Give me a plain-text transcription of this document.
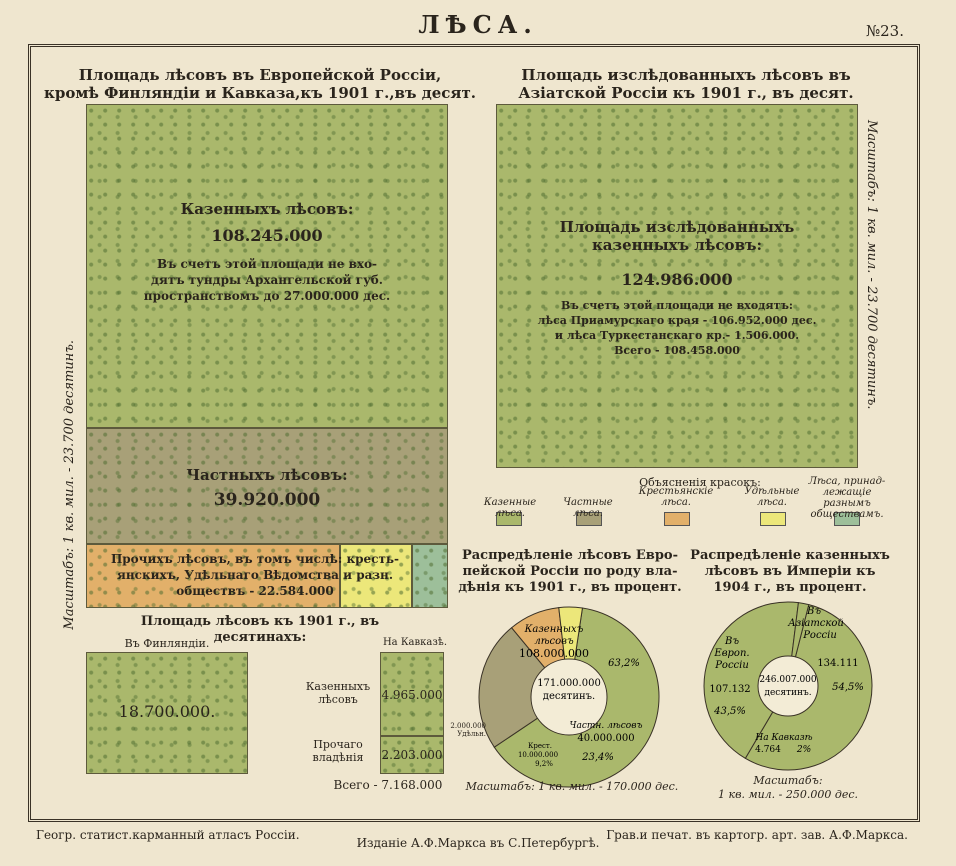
ЛѢСА.	№23.
Площадь лѣсовъ въ Европейской Россіи,
кромѣ Финляндіи и Кавказа,къ 1901 г.,въ десят.
Казенныхъ лѣсовъ:
108.245.000
Въ счетъ этой площади не вхо-
дятъ тундры Архангельской губ.
пространствомъ до 27.000.000 дес.
Частныхъ лѣсовъ:
39.920.000
Прочихъ лѣсовъ, въ томъ числѣ: кресть-
янскихъ, Удѣльнаго Вѣдомства и разн.
обществъ - 22.584.000
Масштабъ: 1 кв. мил. - 23.700 десятинъ.	Площадь лѣсовъ къ 1901 г., въ
десятинахъ:
Въ Финляндіи.
18.700.000.
На Кавказѣ.
Казенныхъ
лѣсовъ	4.965.000
Прочаго
владѣнія	2.203.000
Всего - 7.168.000
Площадь изслѣдованныхъ лѣсовъ въ
Азіатской Россіи къ 1901 г., въ десят.
Площадь изслѣдованныхъ
казенныхъ лѣсовъ:
124.986.000
Въ счетъ этой площади не входятъ:
лѣса Приамурскаго края - 106.952.000 дес.
и лѣса Туркестанскаго кр.- 1.506.000.
Всего - 108.458.000	Масштабъ: 1 кв. мил. - 23.700 десятинъ.
Объясненія красокъ:
Казенные лѣса.
Частные лѣса.
Крестьянскіе
лѣса.
Удѣльные
лѣса.
Лѣса, принад-
лежащіе разнымъ
обществамъ.
Распредѣленіе лѣсовъ Евро-
пейской Россіи по роду вла-
дѣнія къ 1901 г., въ процент.
Распредѣленіе казенныхъ
лѣсовъ въ Имперіи къ
1904 г., въ процент.
171.000.000
десятинъ.
Казенныхъ
лѣсовъ
108.000.000
63,2%
Частн. лѣсовъ
40.000.000
23,4%
Крест.
10.000.000
9,2%
2.000.000
Удѣльн.
Масштабъ: 1 кв. мил. - 170.000 дес.
246.007.000
десятинъ.
Въ
Азіатской
Россіи
134.111
54,5%
Въ
Европ.
Россіи
107.132
43,5%
На Кавказѣ
4.764 2%
Масштабъ:
1 кв. мил. - 250.000 дес.
Геогр. статист.карманный атласъ Россіи.
Изданіе А.Ф.Маркса въ С.Петербургѣ.
Грав.и печат. въ картогр. арт. зав. А.Ф.Маркса.
